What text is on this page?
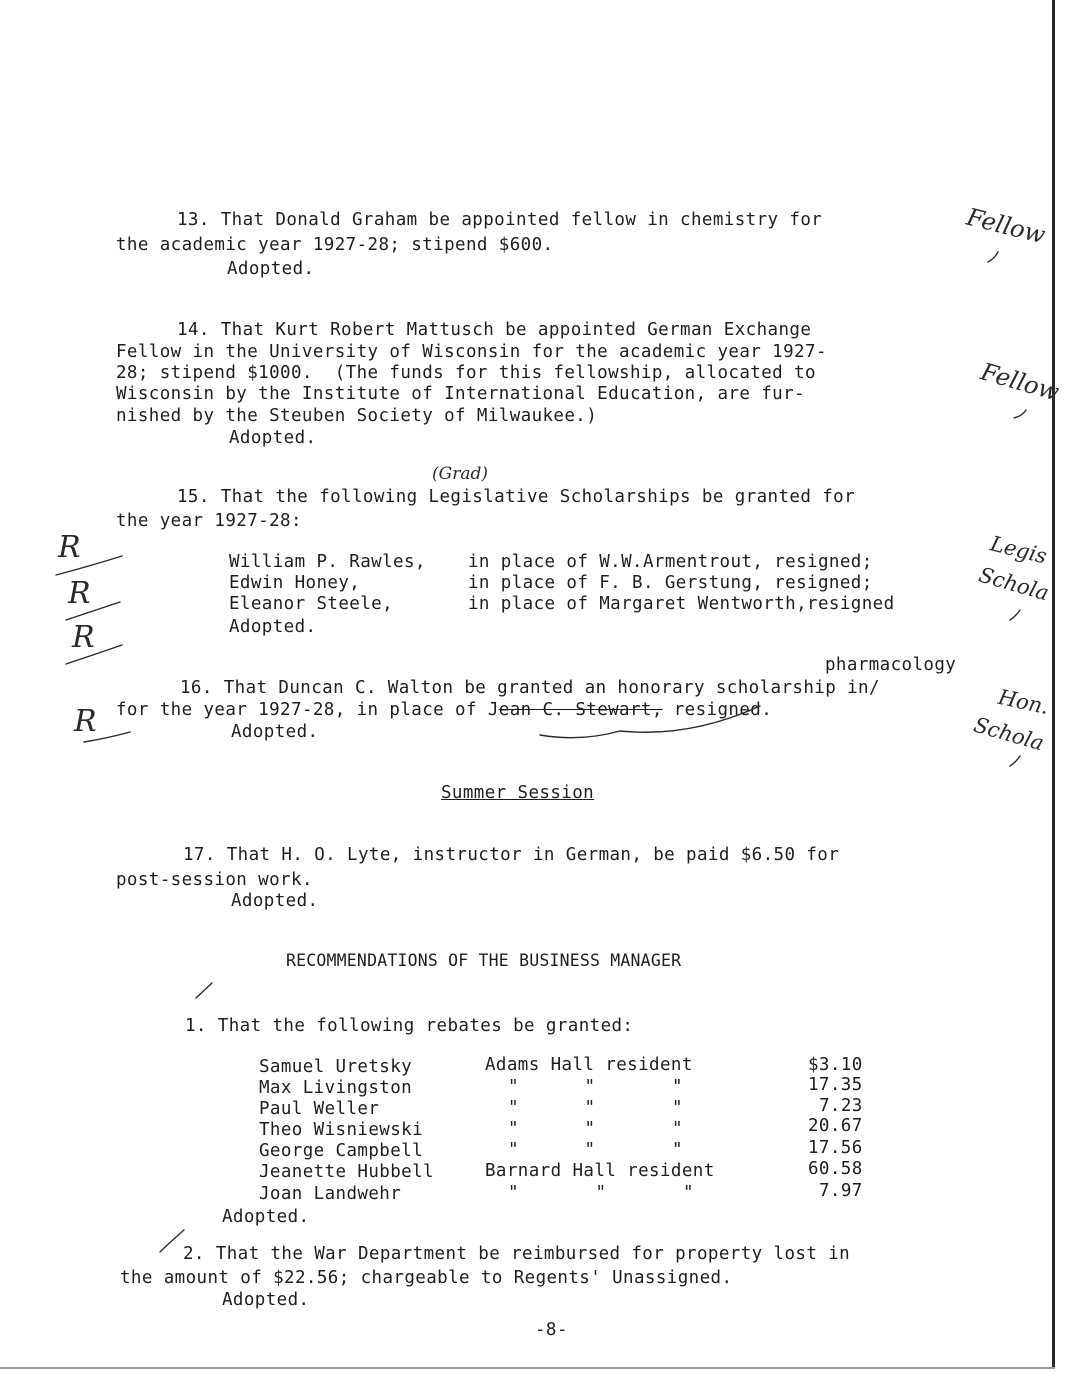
13. That Donald Graham be appointed fellow in chemistry for
the academic year 1927-28; stipend $600.
Adopted.
14. That Kurt Robert Mattusch be appointed German Exchange
Fellow in the University of Wisconsin for the academic year 1927-
28; stipend $1000.  (The funds for this fellowship, allocated to
Wisconsin by the Institute of International Education, are fur-
nished by the Steuben Society of Milwaukee.)
Adopted.
(Grad)
15. That the following Legislative Scholarships be granted for
the year 1927-28:
William P. Rawles, in place of W.W.Armentrout, resigned;
Edwin Honey,	in place of F. B. Gerstung, resigned;
Eleanor Steele,	in place of Margaret Wentworth,resigned
Adopted.
pharmacology
16. That Duncan C. Walton be granted an honorary scholarship in/
for the year 1927-28, in place of Jean C. Stewart, resigned.
Adopted.
Summer Session
17. That H. O. Lyte, instructor in German, be paid $6.50 for
post-session work.
Adopted.
RECOMMENDATIONS OF THE BUSINESS MANAGER
1. That the following rebates be granted:
Samuel Uretsky	Adams Hall resident	$3.10
Max Livingston	"      "       "	17.35
Paul Weller	"      "       "	7.23
Theo Wisniewski	"      "       "	20.67
George Campbell	"      "       "	17.56
Jeanette Hubbell	Barnard Hall resident	60.58
Joan Landwehr	"       "       "	7.97
Adopted.
2. That the War Department be reimbursed for property lost in
the amount of $22.56; chargeable to Regents' Unassigned.
Adopted.
-8-
Fellow
Fellow
Legis
Schola
Hon.
Schola
R
R
R
R
